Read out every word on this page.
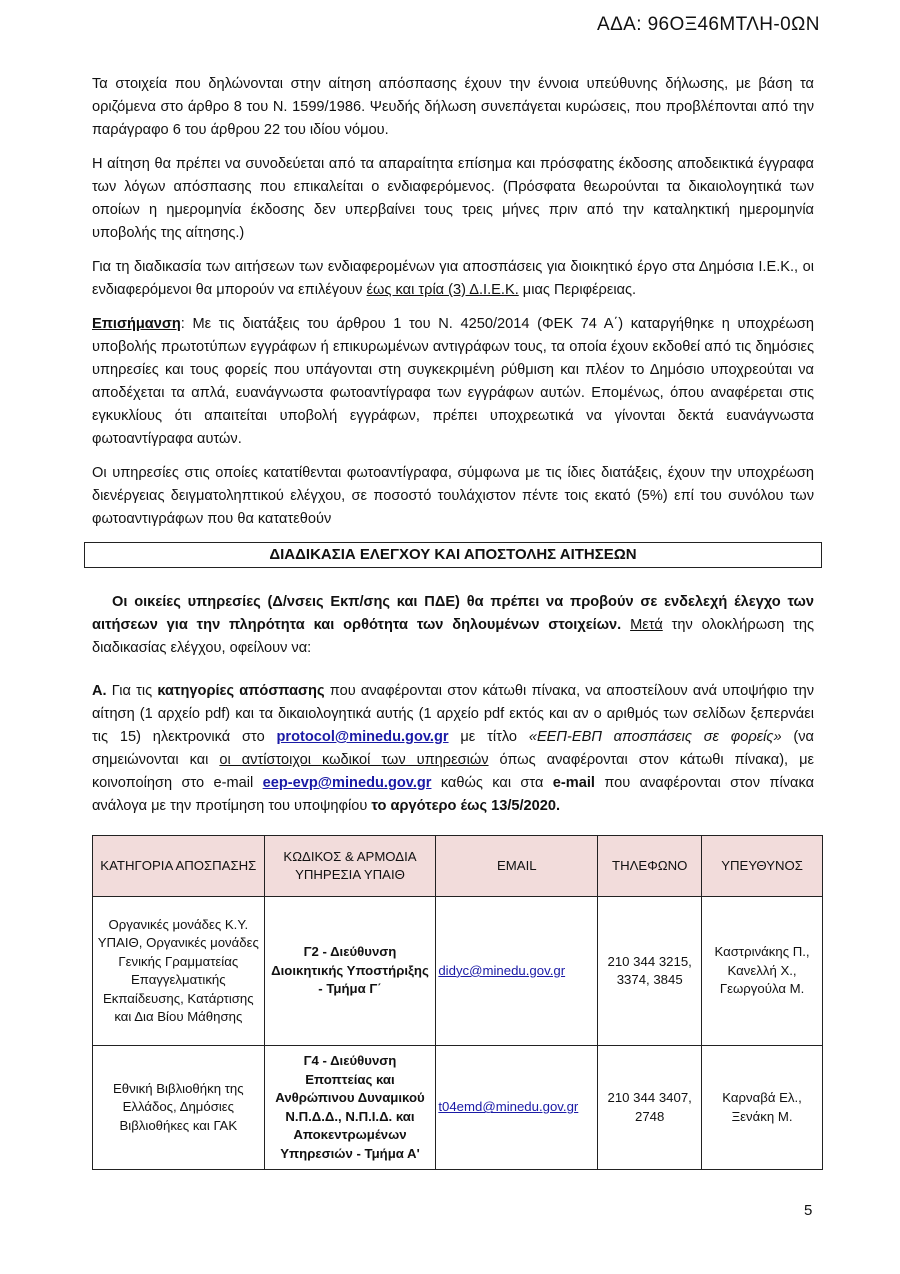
ΑΔΑ: 96ΟΞ46ΜΤΛΗ-0ΩΝ

Τα στοιχεία που δηλώνονται στην αίτηση απόσπασης έχουν την έννοια υπεύθυνης δήλωσης, με βάση τα οριζόμενα στο άρθρο 8 του Ν. 1599/1986. Ψευδής δήλωση συνεπάγεται κυρώσεις, που προβλέπονται από την παράγραφο 6 του άρθρου 22 του ιδίου νόμου.

Η αίτηση θα πρέπει να συνοδεύεται από τα απαραίτητα επίσημα και πρόσφατης έκδοσης αποδεικτικά έγγραφα των λόγων απόσπασης που επικαλείται ο ενδιαφερόμενος. (Πρόσφατα θεωρούνται τα δικαιολογητικά των οποίων η ημερομηνία έκδοσης δεν υπερβαίνει τους τρεις μήνες πριν από την καταληκτική ημερομηνία υποβολής της αίτησης.)

Για τη διαδικασία των αιτήσεων των ενδιαφερομένων για αποσπάσεις για διοικητικό έργο στα Δημόσια Ι.Ε.Κ., οι ενδιαφερόμενοι θα μπορούν να επιλέγουν έως και τρία (3) Δ.Ι.Ε.Κ. μιας Περιφέρειας.

Επισήμανση: Με τις διατάξεις του άρθρου 1 του Ν. 4250/2014 (ΦΕΚ 74 Α΄) καταργήθηκε η υποχρέωση υποβολής πρωτοτύπων εγγράφων ή επικυρωμένων αντιγράφων τους, τα οποία έχουν εκδοθεί από τις δημόσιες υπηρεσίες και τους φορείς που υπάγονται στη συγκεκριμένη ρύθμιση και πλέον το Δημόσιο υποχρεούται να αποδέχεται τα απλά, ευανάγνωστα φωτοαντίγραφα των εγγράφων αυτών. Επομένως, όπου αναφέρεται στις εγκυκλίους ότι απαιτείται υποβολή εγγράφων, πρέπει υποχρεωτικά να γίνονται δεκτά ευανάγνωστα φωτοαντίγραφα αυτών.

Οι υπηρεσίες στις οποίες κατατίθενται φωτοαντίγραφα, σύμφωνα με τις ίδιες διατάξεις, έχουν την υποχρέωση διενέργειας δειγματοληπτικού ελέγχου, σε ποσοστό τουλάχιστον πέντε τοις εκατό (5%) επί του συνόλου των φωτοαντιγράφων που θα κατατεθούν

ΔΙΑΔΙΚΑΣΙΑ ΕΛΕΓΧΟΥ ΚΑΙ ΑΠΟΣΤΟΛΗΣ ΑΙΤΗΣΕΩΝ

Οι οικείες υπηρεσίες (Δ/νσεις Εκπ/σης και ΠΔΕ) θα πρέπει να προβούν σε ενδελεχή έλεγχο των αιτήσεων για την πληρότητα και ορθότητα των δηλουμένων στοιχείων. Μετά την ολοκλήρωση της διαδικασίας ελέγχου, οφείλουν να:

Α. Για τις κατηγορίες απόσπασης που αναφέρονται στον κάτωθι πίνακα, να αποστείλουν ανά υποψήφιο την αίτηση (1 αρχείο pdf) και τα δικαιολογητικά αυτής (1 αρχείο pdf εκτός και αν ο αριθμός των σελίδων ξεπερνάει τις 15) ηλεκτρονικά στο protocol@minedu.gov.gr με τίτλο «ΕΕΠ-ΕΒΠ αποσπάσεις σε φορείς» (να σημειώνονται και οι αντίστοιχοι κωδικοί των υπηρεσιών όπως αναφέρονται στον κάτωθι πίνακα), με κοινοποίηση στο e-mail eep-evp@minedu.gov.gr καθώς και στα e-mail που αναφέρονται στον πίνακα ανάλογα με την προτίμηση του υποψηφίου το αργότερο έως 13/5/2020.

ΚΑΤΗΓΟΡΙΑ ΑΠΟΣΠΑΣΗΣ	ΚΩΔΙΚΟΣ & ΑΡΜΟΔΙΑ ΥΠΗΡΕΣΙΑ ΥΠΑΙΘ	EMAIL	ΤΗΛΕΦΩΝΟ	ΥΠΕΥΘΥΝΟΣ
Οργανικές μονάδες Κ.Υ. ΥΠΑΙΘ, Οργανικές μονάδες Γενικής Γραμματείας Επαγγελματικής Εκπαίδευσης, Κατάρτισης και Δια Βίου Μάθησης	Γ2 - Διεύθυνση Διοικητικής Υποστήριξης - Τμήμα Γ΄	didyc@minedu.gov.gr	210 344 3215, 3374, 3845	Καστρινάκης Π., Κανελλή Χ., Γεωργούλα Μ.
Εθνική Βιβλιοθήκη της Ελλάδος, Δημόσιες Βιβλιοθήκες και ΓΑΚ	Γ4 - Διεύθυνση Εποπτείας και Ανθρώπινου Δυναμικού Ν.Π.Δ.Δ., Ν.Π.Ι.Δ. και Αποκεντρωμένων Υπηρεσιών - Τμήμα Α'	t04emd@minedu.gov.gr	210 344 3407, 2748	Καρναβά Ελ., Ξενάκη Μ.
5
